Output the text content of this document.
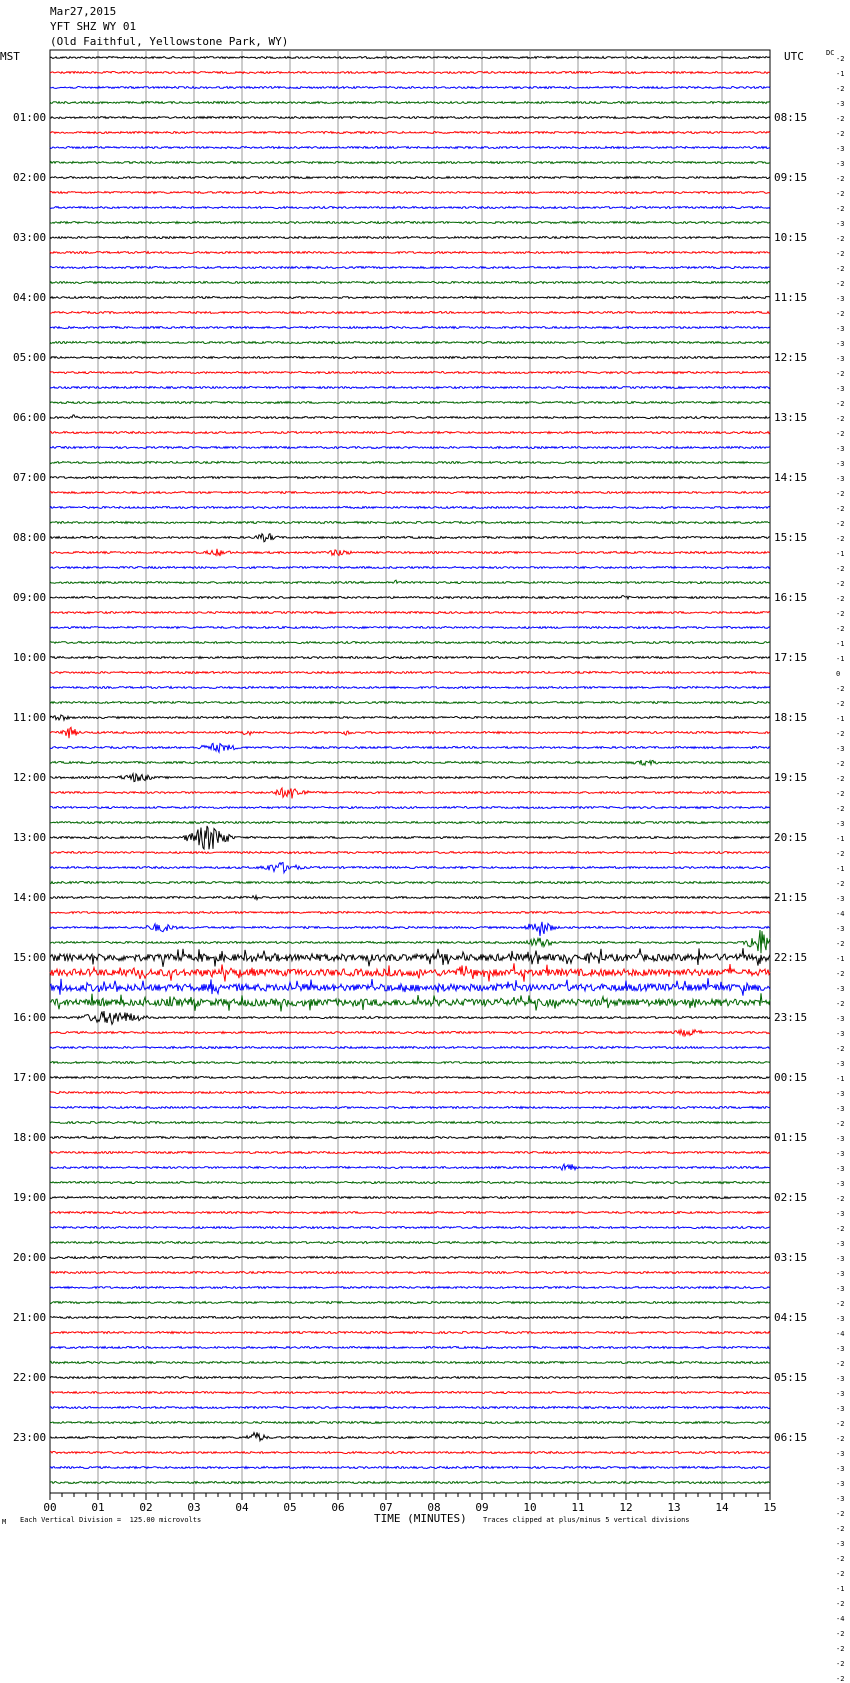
00	01	02	03	04	05	06	07	08	09	10	11	12	13	14	15
Mar27,2015
YFT SHZ WY 01
(Old Faithful, Yellowstone Park, WY)
MST	UTC	DC
01:00
02:00
03:00
04:00
05:00
06:00
07:00
08:00
09:00
10:00
11:00
12:00
13:00
14:00
15:00
16:00
17:00
18:00
19:00
20:00
21:00
22:00
23:00
08:15
09:15
10:15
11:15
12:15
13:15
14:15
15:15
16:15
17:15
18:15
19:15
20:15
21:15
22:15
23:15
00:15
01:15
02:15
03:15
04:15
05:15
06:15
-2
-1
-2
-3
-2
-2
-3
-3
-2
-2
-2
-3
-2
-2
-2
-2
-3
-2
-3
-3
-3
-2
-3
-2
-2
-2
-3
-3
-3
-2
-2
-2
-2
-1
-2
-2
-2
-2
-2
-1
-1
0
-2
-2
-1
-2
-3
-2
-2
-2
-2
-3
-1
-2
-1
-2
-3
-4
-3
-2
-1
-2
-3
-2
-3
-3
-2
-3
-1
-3
-3
-2
-3
-3
-3
-3
-2
-3
-2
-3
-3
-3
-3
-2
-3
-4
-3
-2
-3
-3
-3
-2
-2
-3
-3
-3
-3
-2
-2
-3
-2
-2
-1
-2
-4
-2
-2
-2
-2
M Each Vertical Division =  125.00 microvolts	TIME (MINUTES) Traces clipped at plus/minus 5 vertical divisions
